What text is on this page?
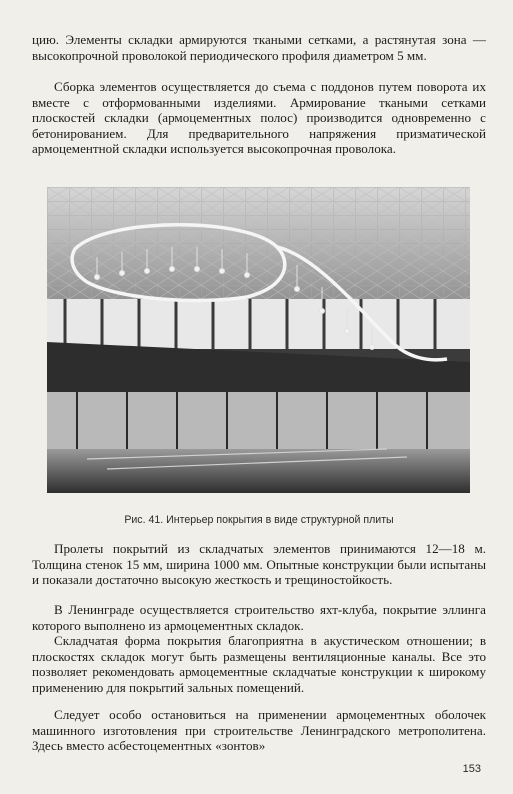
цию. Элементы складки армируются ткаными сетками, а растянутая зона — высокопрочной проволокой периодического профиля диаметром 5 мм.

Сборка элементов осуществляется до съема с поддонов путем поворота их вместе с отформованными изделиями. Армирование ткаными сетками плоскостей складки (армоцементных полос) производится одновременно с бетонированием. Для предварительного напряжения призматической армоцементной складки используется высокопрочная проволока.

Рис. 41. Интерьер покрытия в виде структурной плиты

Пролеты покрытий из складчатых элементов принимаются 12—18 м. Толщина стенок 15 мм, ширина 1000 мм. Опытные конструкции были испытаны и показали достаточно высокую жесткость и трещиностойкость.

В Ленинграде осуществляется строительство яхт-клуба, покрытие эллинга которого выполнено из армоцементных складок.

Складчатая форма покрытия благоприятна в акустическом отношении; в плоскостях складок могут быть размещены вентиляционные каналы. Все это позволяет рекомендовать армоцементные складчатые конструкции к широкому применению для покрытий зальных помещений.

Следует особо остановиться на применении армоцементных оболочек машинного изготовления при строительстве Ленинградского метрополитена. Здесь вместо асбестоцементных «зонтов»

153
